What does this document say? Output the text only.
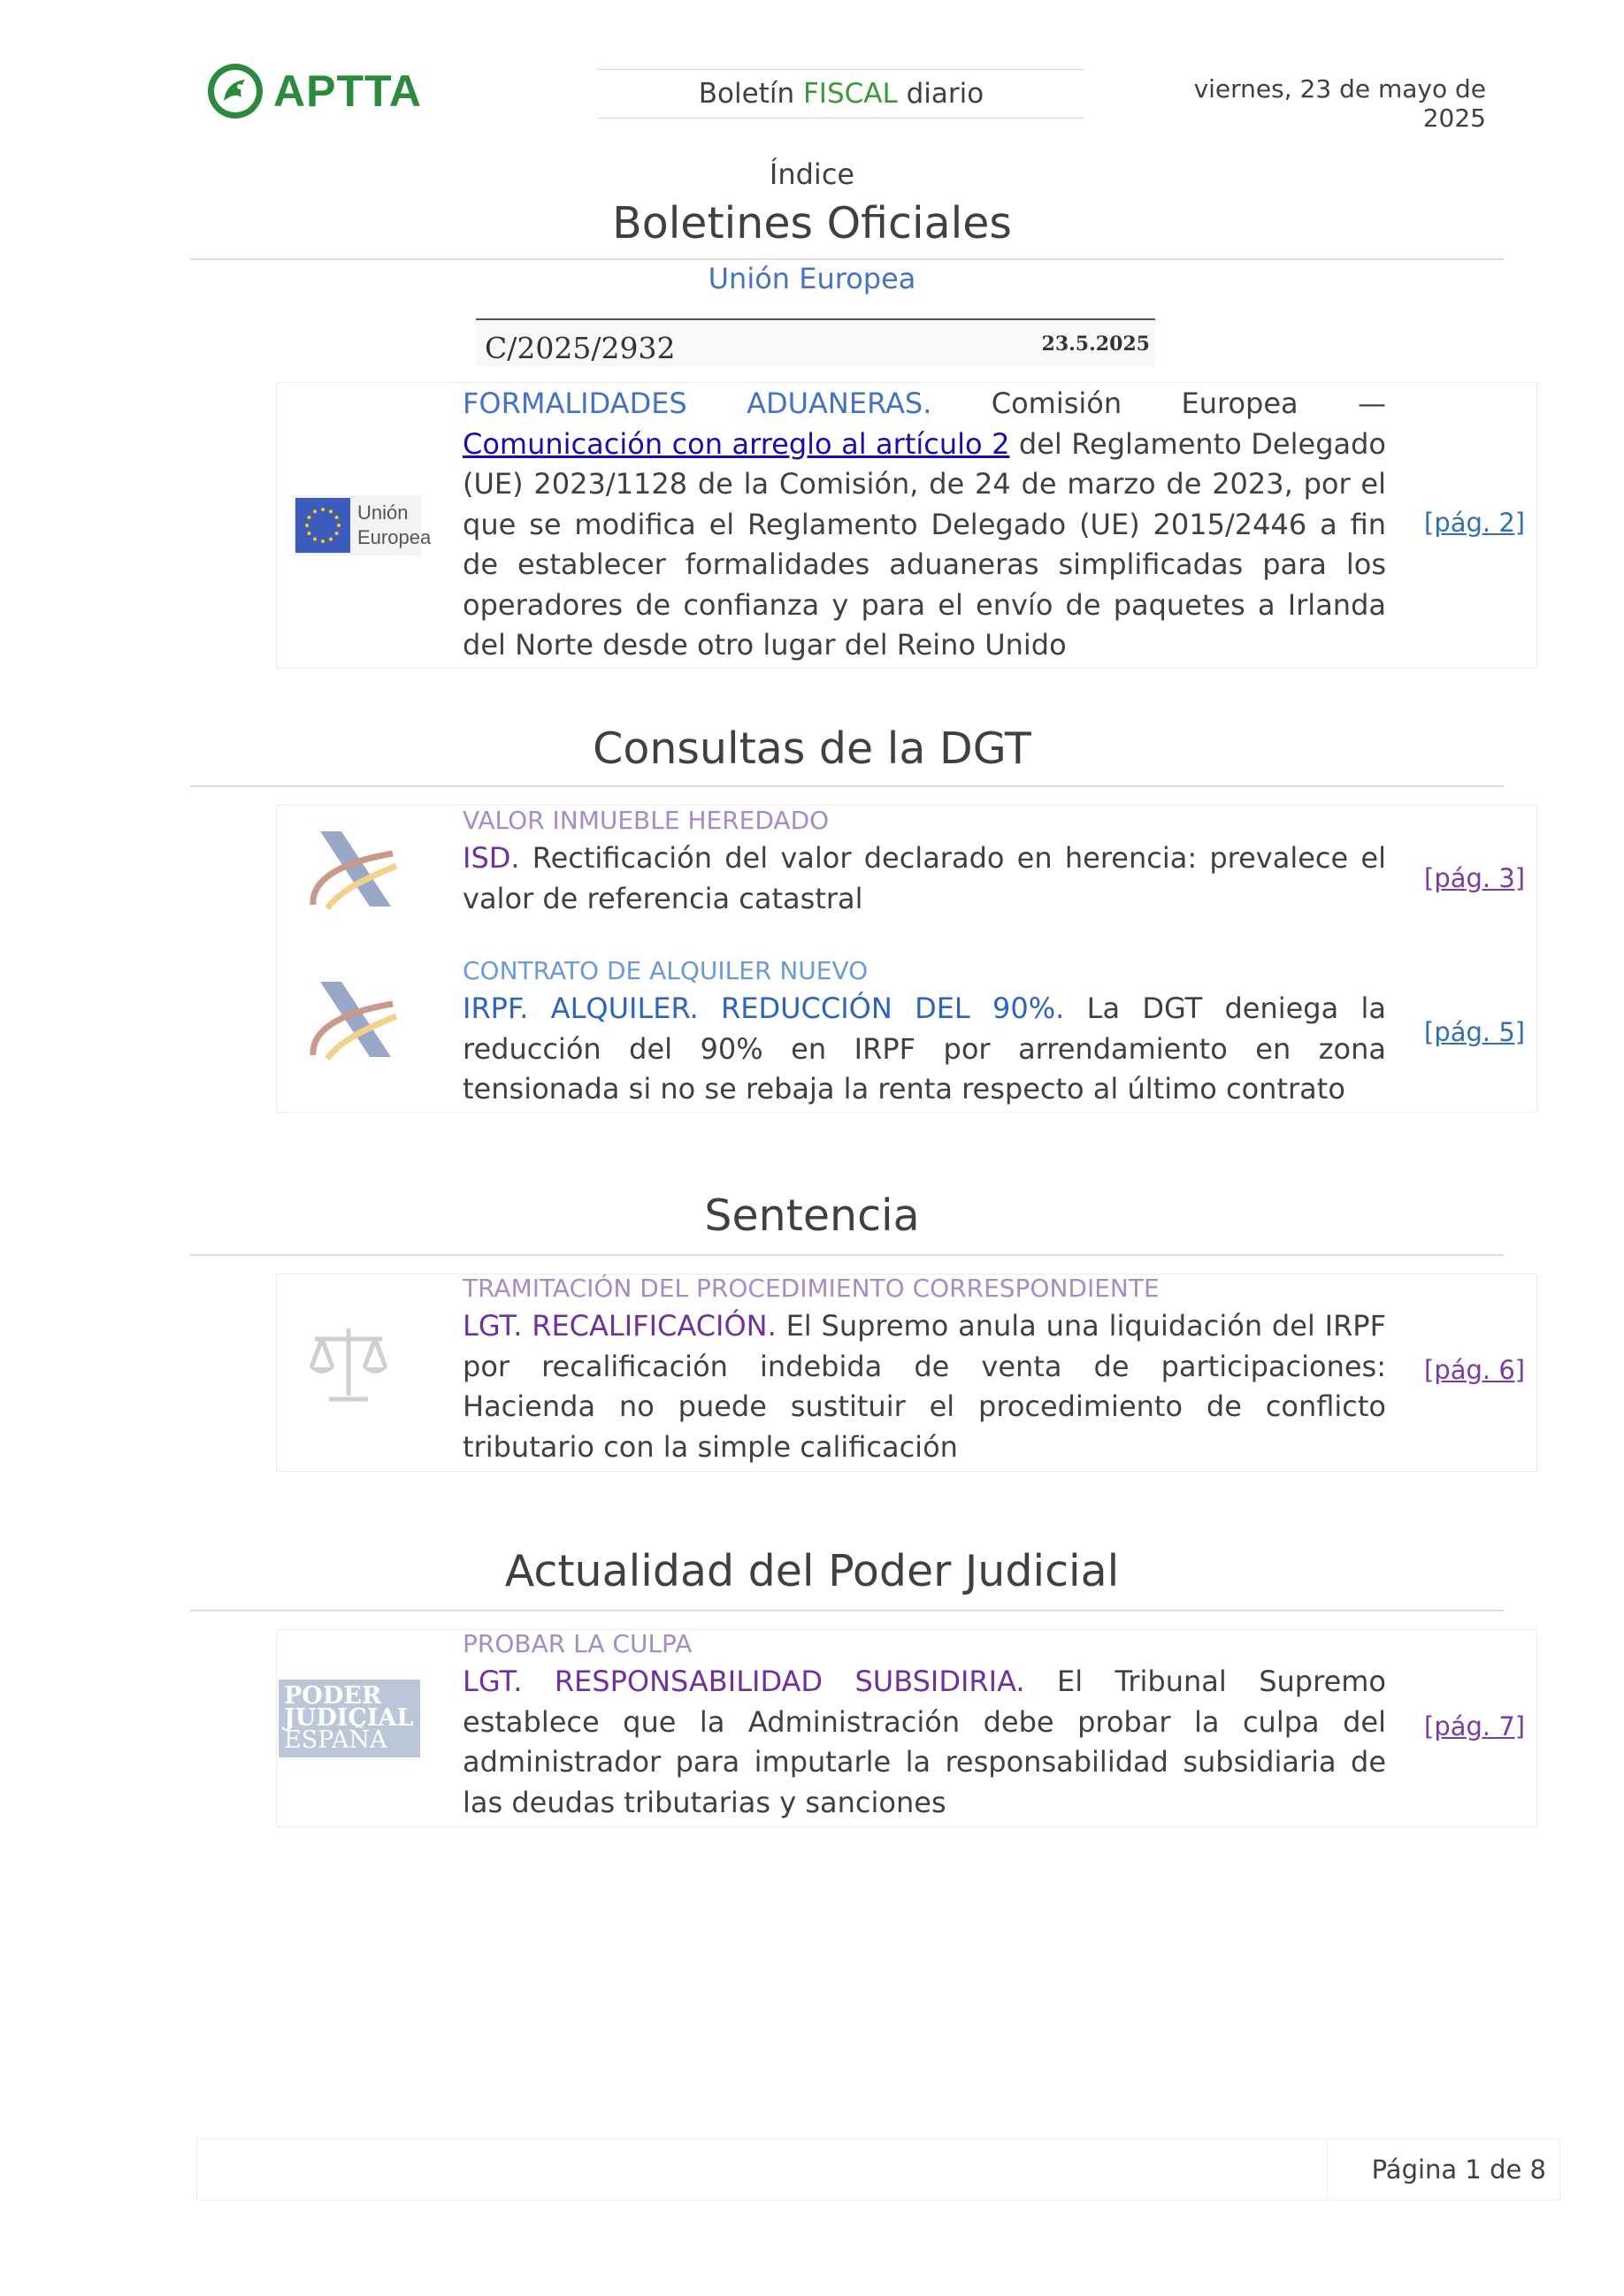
APTTA	Boletín FISCAL diario	viernes, 23 de mayo de 2025
Índice
Boletines Oficiales
Unión Europea
C/2025/2932	23.5.2025
Unión
Europea
FORMALIDADES ADUANERAS. Comisión Europea — Comunicación con arreglo al artículo 2 del Reglamento Delegado (UE) 2023/1128 de la Comisión, de 24 de marzo de 2023, por el que se modifica el Reglamento Delegado (UE) 2015/2446 a fin de establecer formalidades aduaneras simplificadas para los operadores de confianza y para el envío de paquetes a Irlanda del Norte desde otro lugar del Reino Unido
[pág. 2]
Consultas de la DGT
VALOR INMUEBLE HEREDADO
ISD. Rectificación del valor declarado en herencia: prevalece el valor de referencia catastral
[pág. 3]
CONTRATO DE ALQUILER NUEVO
IRPF. ALQUILER. REDUCCIÓN DEL 90%. La DGT deniega la reducción del 90% en IRPF por arrendamiento en zona tensionada si no se rebaja la renta respecto al último contrato
[pág. 5]
Sentencia
TRAMITACIÓN DEL PROCEDIMIENTO CORRESPONDIENTE
LGT. RECALIFICACIÓN. El Supremo anula una liquidación del IRPF por recalificación indebida de venta de participaciones: Hacienda no puede sustituir el procedimiento de conflicto tributario con la simple calificación
[pág. 6]
Actualidad del Poder Judicial
PODER
JUDICIAL
ESPAÑA
PROBAR LA CULPA
LGT. RESPONSABILIDAD SUBSIDIRIA. El Tribunal Supremo establece que la Administración debe probar la culpa del administrador para imputarle la responsabilidad subsidiaria de las deudas tributarias y sanciones
[pág. 7]
Página 1 de 8
